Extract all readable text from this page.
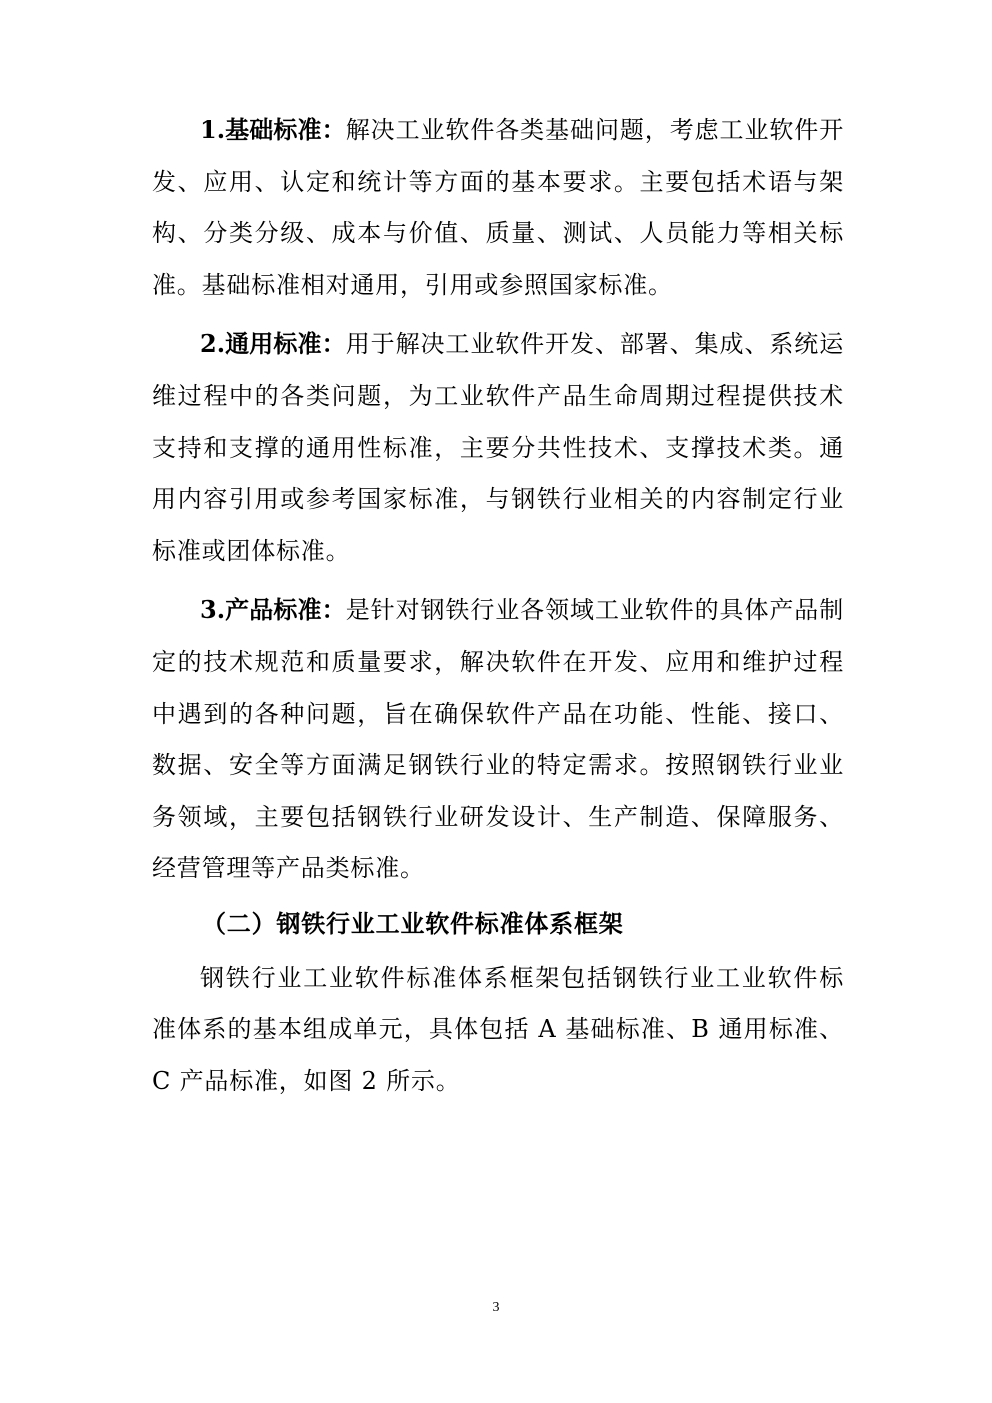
1.基础标准：解决工业软件各类基础问题，考虑工业软件开发、应用、认定和统计等方面的基本要求。主要包括术语与架构、分类分级、成本与价值、质量、测试、人员能力等相关标准。基础标准相对通用，引用或参照国家标准。

2.通用标准：用于解决工业软件开发、部署、集成、系统运维过程中的各类问题，为工业软件产品生命周期过程提供技术支持和支撑的通用性标准，主要分共性技术、支撑技术类。通用内容引用或参考国家标准，与钢铁行业相关的内容制定行业标准或团体标准。

3.产品标准：是针对钢铁行业各领域工业软件的具体产品制定的技术规范和质量要求，解决软件在开发、应用和维护过程中遇到的各种问题，旨在确保软件产品在功能、性能、接口、数据、安全等方面满足钢铁行业的特定需求。按照钢铁行业业务领域，主要包括钢铁行业研发设计、生产制造、保障服务、经营管理等产品类标准。

（二）钢铁行业工业软件标准体系框架

钢铁行业工业软件标准体系框架包括钢铁行业工业软件标准体系的基本组成单元，具体包括 A 基础标准、B 通用标准、C 产品标准，如图 2 所示。

3
